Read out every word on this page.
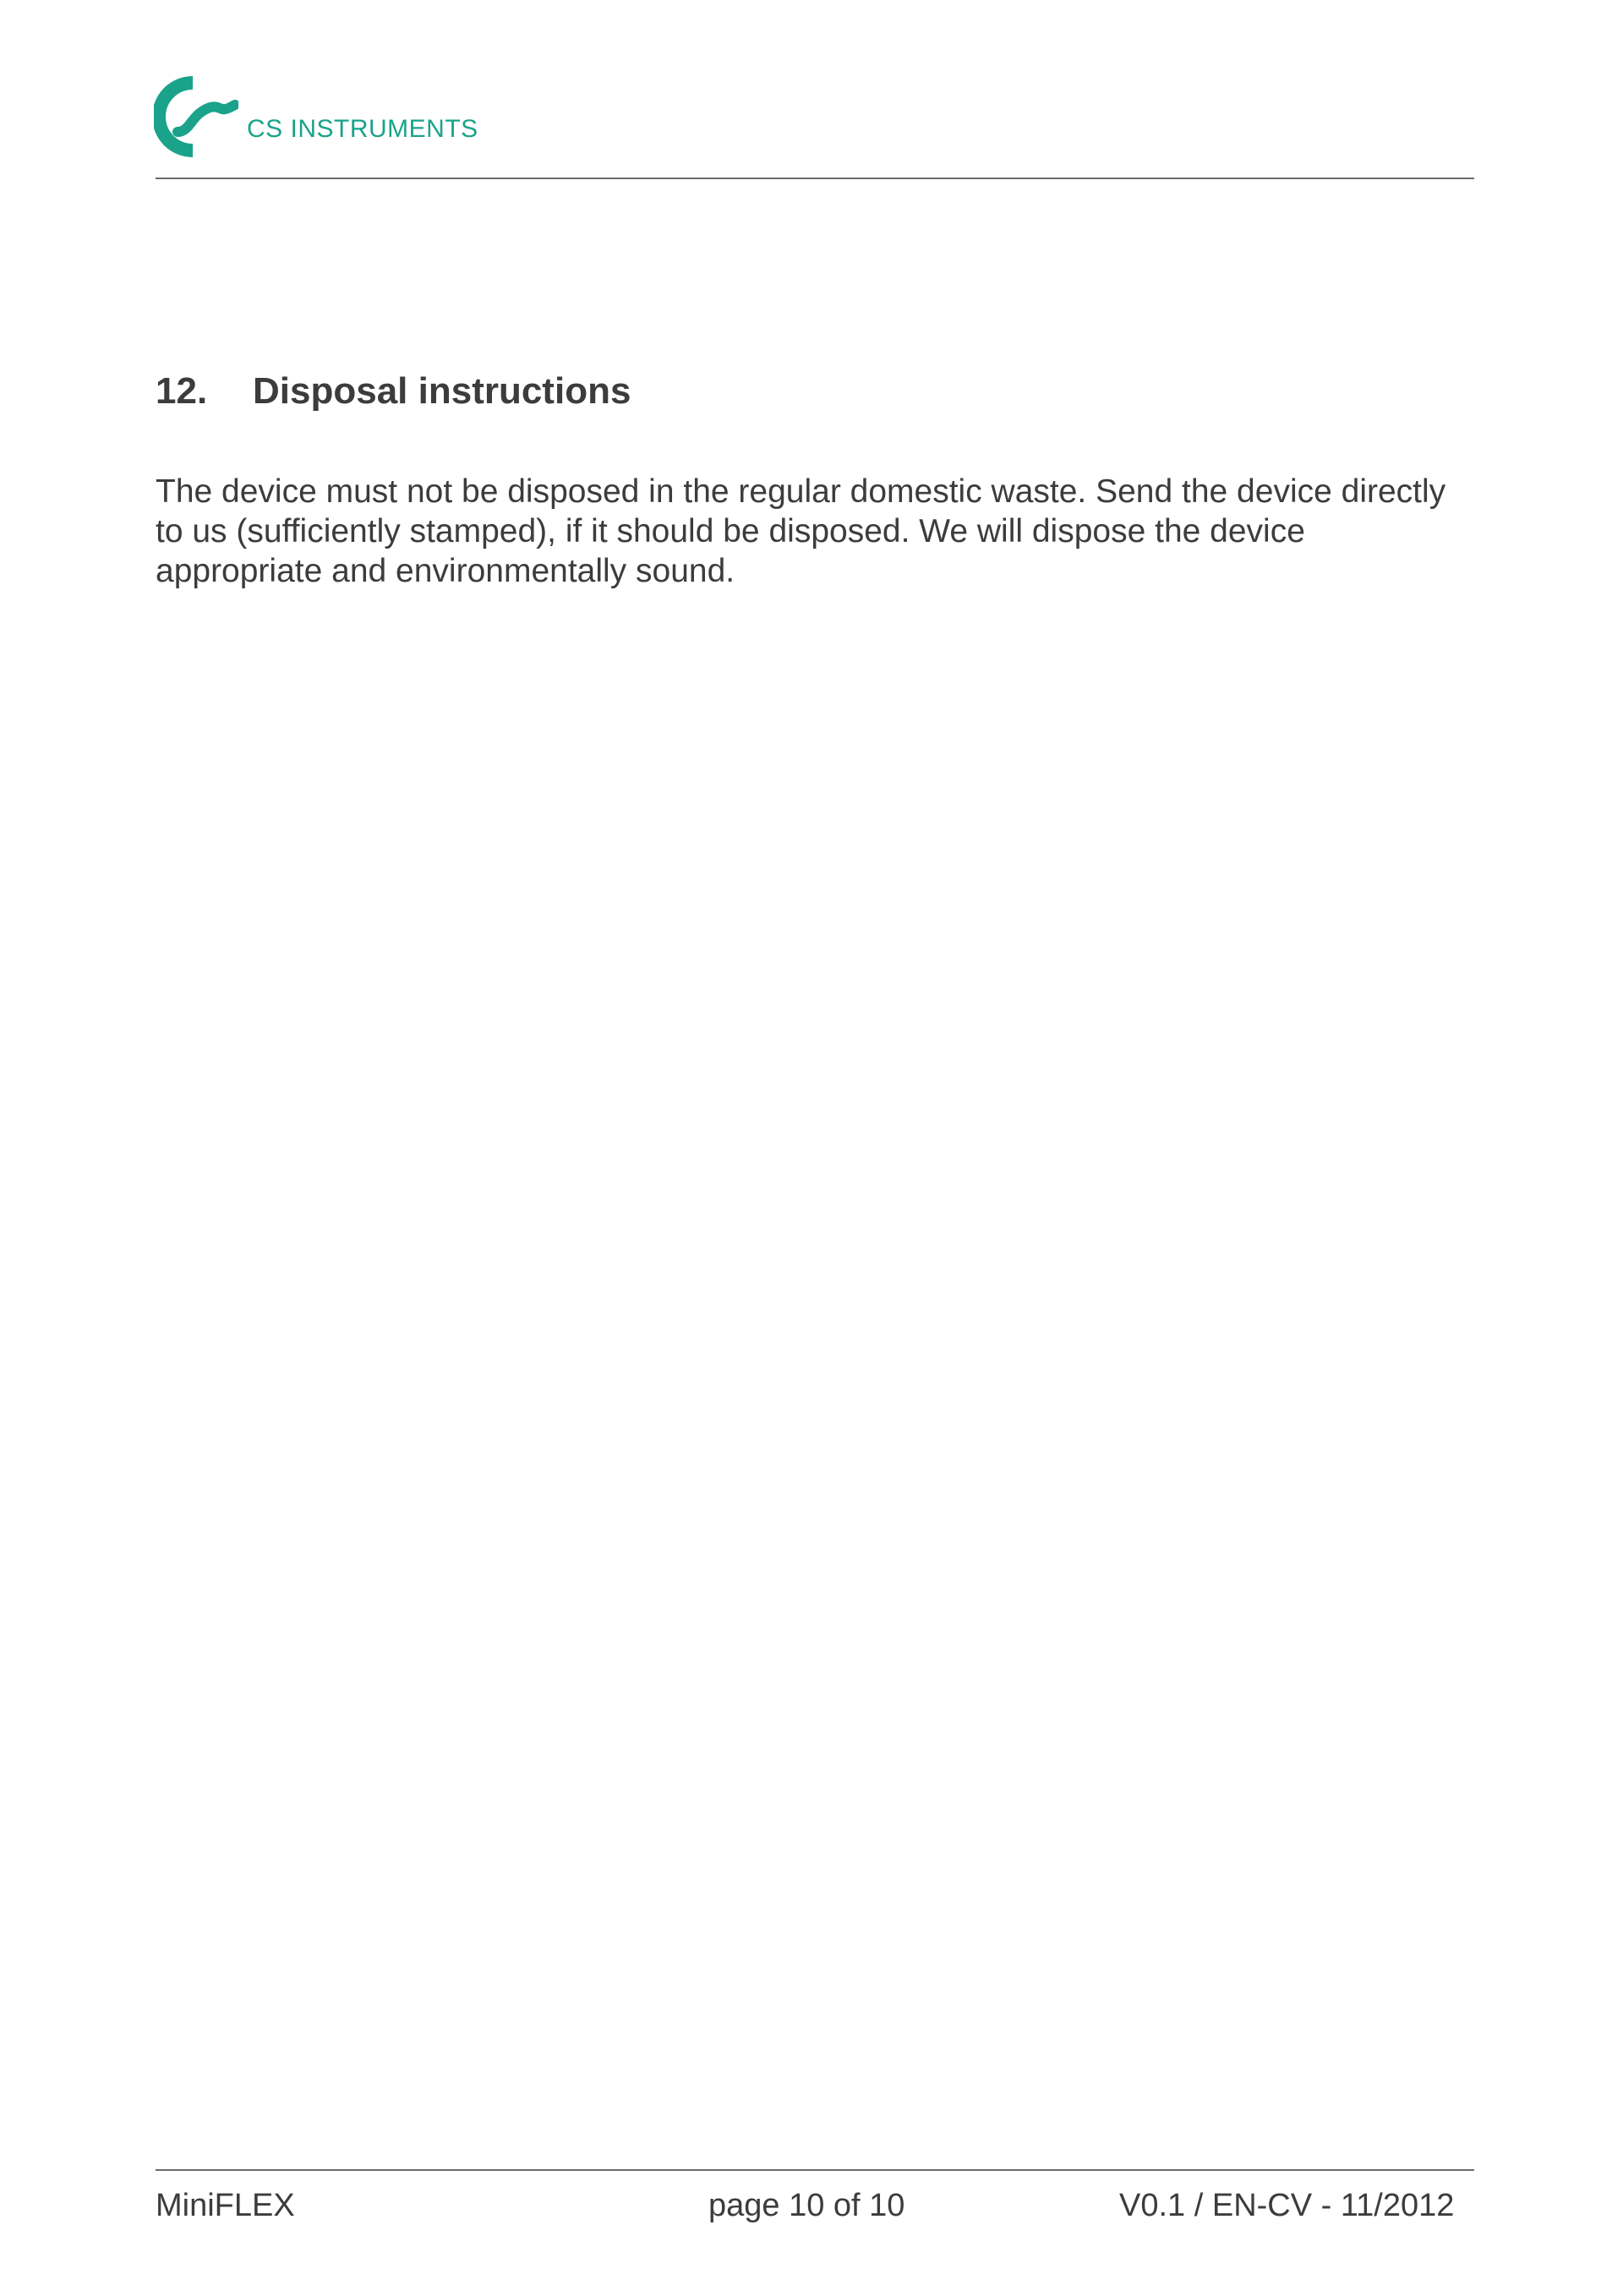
CS INSTRUMENTS
12.	Disposal instructions

The device must not be disposed in the regular domestic waste. Send the device directly

to us (sufficiently stamped), if it should be disposed. We will dispose the device

appropriate and environmentally sound.

MiniFLEX	page 10 of 10	V0.1 / EN-CV - 11/2012
